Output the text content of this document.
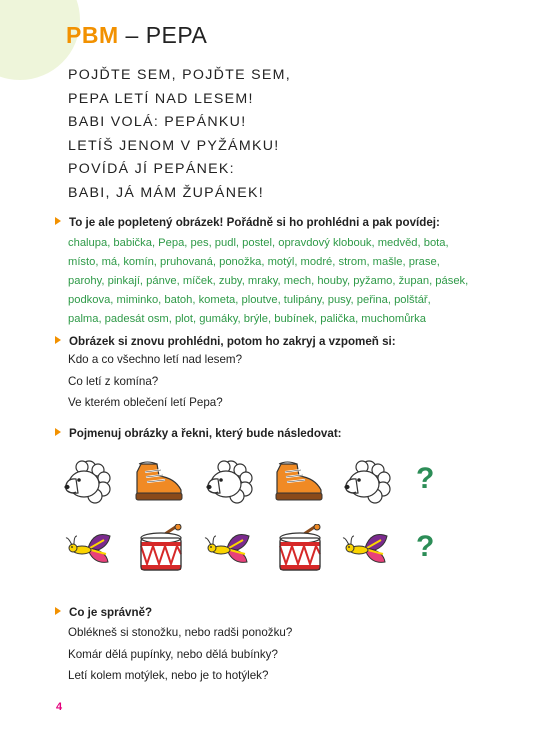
PBM – PEPA
POJĎTE SEM, POJĎTE SEM,
PEPA LETÍ NAD LESEM!
BABI VOLÁ: PEPÁNKU!
LETÍŠ JENOM V PYŽÁMKU!
POVÍDÁ JÍ PEPÁNEK:
BABI, JÁ MÁM ŽUPÁNEK!
To je ale popletený obrázek! Pořádně si ho prohlédni a pak povídej:
chalupa, babička, Pepa, pes, pudl, postel, opravdový klobouk, medvěd, bota,
místo, má, komín, pruhovaná, ponožka, motýl, modré, strom, mašle, prase,
parohy, pinkají, pánve, míček, zuby, mraky, mech, houby, pyžamo, župan, pásek,
podkova, miminko, batoh, kometa, ploutve, tulipány, pusy, peřina, polštář,
palma, padesát osm, plot, gumáky, brýle, bubínek, palička, muchomůrka
Obrázek si znovu prohlédni, potom ho zakryj a vzpomeň si:
Kdo a co všechno letí nad lesem?
Co letí z komína?
Ve kterém oblečení letí Pepa?
Pojmenuj obrázky a řekni, který bude následovat:
?
?
Co je správně?
Oblékneš si stonožku, nebo radši ponožku?
Komár dělá pupínky, nebo dělá bubínky?
Letí kolem motýlek, nebo je to hotýlek?
4
